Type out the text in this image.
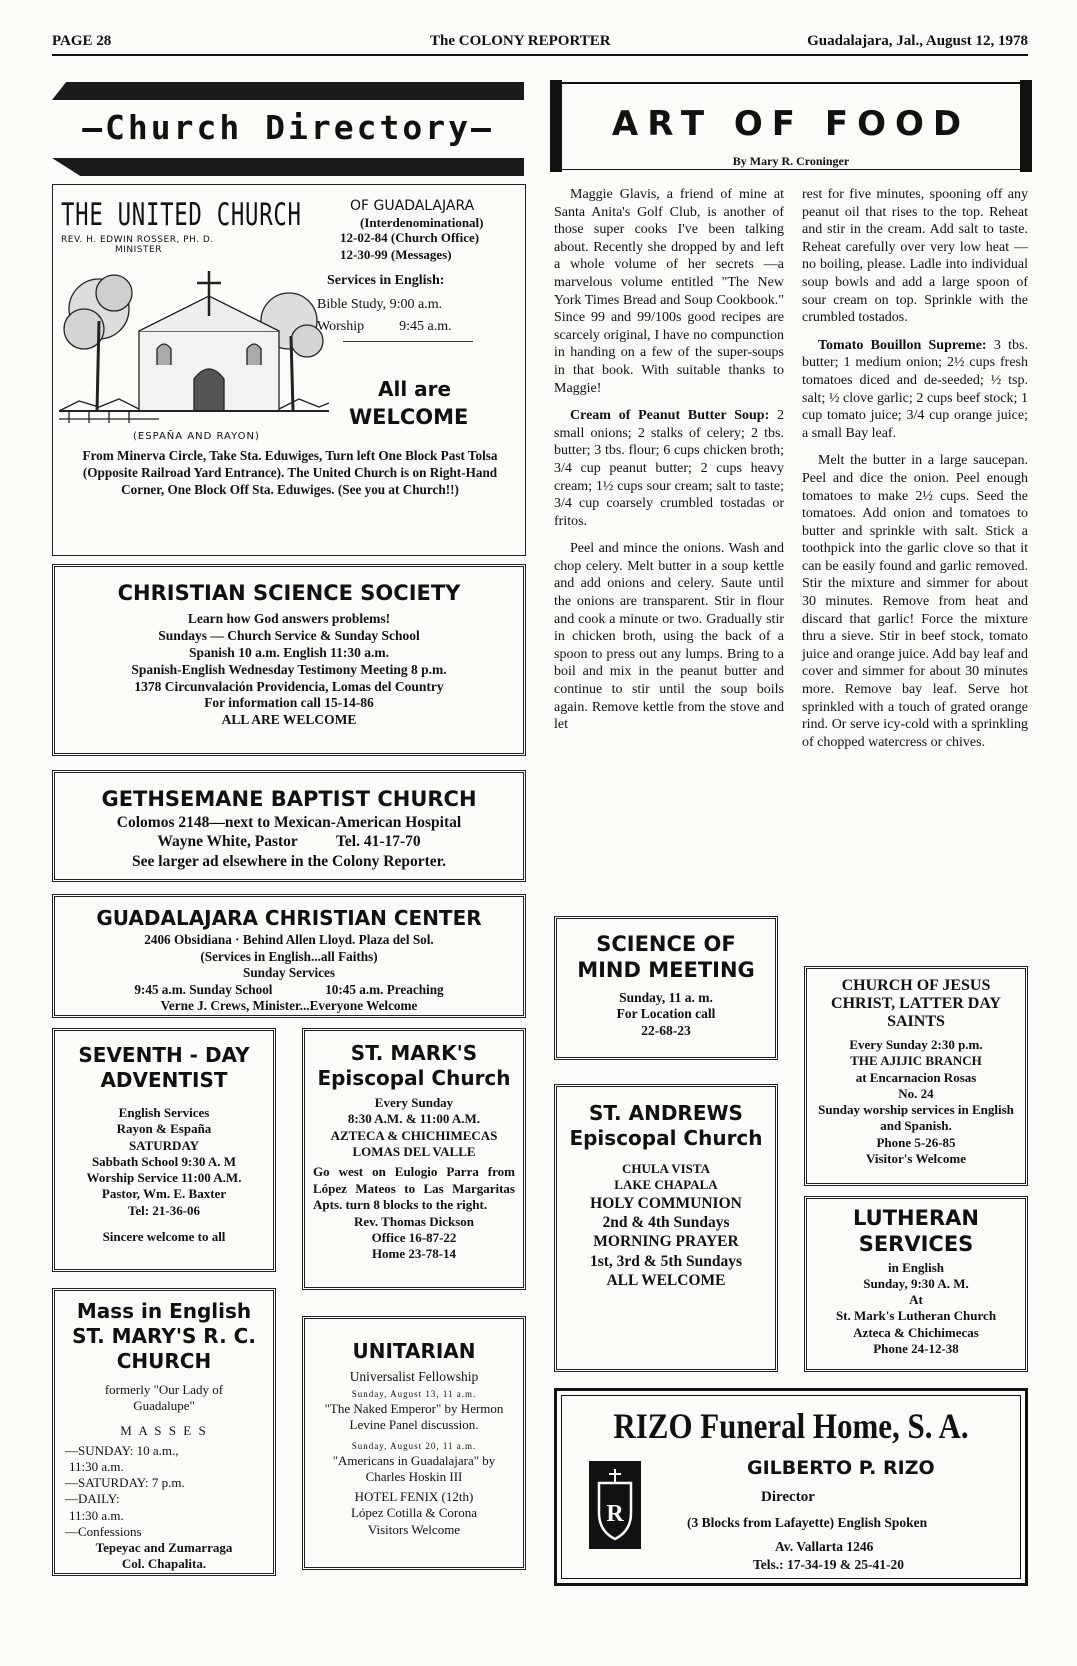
PAGE 28	The COLONY REPORTER	Guadalajara, Jal., August 12, 1978
—Church Directory—
THE UNITED CHURCH	OF GUADALAJARA
(Interdenominational)
REV. H. EDWIN ROSSER, PH. D.
MINISTER
12-02-84 (Church Office)
12-30-99 (Messages)
Services in English:
Bible Study, 9:00 a.m.
Worship          9:45 a.m.
All are
WELCOME
(ESPAÑA AND RAYON)
From Minerva Circle, Take Sta. Eduwiges, Turn left One Block Past Tolsa (Opposite Railroad Yard Entrance). The United Church is on Right-Hand Corner, One Block Off Sta. Eduwiges. (See you at Church!!)
CHRISTIAN SCIENCE SOCIETY
Learn how God answers problems!
Sundays — Church Service & Sunday School
Spanish 10 a.m. English 11:30 a.m.
Spanish-English Wednesday Testimony Meeting 8 p.m.
1378 Circunvalación Providencia, Lomas del Country
For information call 15-14-86
ALL ARE WELCOME
GETHSEMANE BAPTIST CHURCH
Colomos 2148—next to Mexican-American Hospital
Wayne White, Pastor          Tel. 41-17-70
See larger ad elsewhere in the Colony Reporter.
GUADALAJARA CHRISTIAN CENTER
2406 Obsidiana · Behind Allen Lloyd. Plaza del Sol.
(Services in English...all Faiths)
Sunday Services
9:45 a.m. Sunday School                10:45 a.m. Preaching
Verne J. Crews, Minister...Everyone Welcome
SEVENTH - DAY
ADVENTIST
English Services
Rayon & España
SATURDAY
Sabbath School 9:30 A. M
Worship Service 11:00 A.M.
Pastor, Wm. E. Baxter
Tel: 21-36-06
Sincere welcome to all
ST. MARK'S
Episcopal Church
Every Sunday
8:30 A.M. & 11:00 A.M.
AZTECA & CHICHIMECAS
LOMAS DEL VALLE
Go west on Eulogio Parra from López Mateos to Las Margaritas Apts. turn 8 blocks to the right.
Rev. Thomas Dickson
Office 16-87-22
Home 23-78-14
Mass in English
ST. MARY'S R. C.
CHURCH
formerly "Our Lady of
Guadalupe"
M A S S E S
—SUNDAY: 10 a.m.,
11:30 a.m.
—SATURDAY: 7 p.m.
—DAILY:
11:30 a.m.
—Confessions
Tepeyac and Zumarraga
Col. Chapalita.
UNITARIAN
Universalist Fellowship
Sunday, August 13, 11 a.m.
"The Naked Emperor" by Hermon Levine Panel discussion.
Sunday, August 20, 11 a.m.
"Americans in Guadalajara" by Charles Hoskin III
HOTEL FENIX (12th)
López Cotilla & Corona
Visitors Welcome
ART OF FOOD
By Mary R. Croninger

Maggie Glavis, a friend of mine at Santa Anita's Golf Club, is another of those super cooks I've been talking about. Recently she dropped by and left a whole volume of her secrets —a marvelous volume entitled "The New York Times Bread and Soup Cookbook." Since 99 and 99/100s good recipes are scarcely original, I have no compunction in handing on a few of the super-soups in that book. With suitable thanks to Maggie!

Cream of Peanut Butter Soup: 2 small onions; 2 stalks of celery; 2 tbs. butter; 3 tbs. flour; 6 cups chicken broth; 3/4 cup peanut butter; 2 cups heavy cream; 1½ cups sour cream; salt to taste; 3/4 cup coarsely crumbled tostadas or fritos.

Peel and mince the onions. Wash and chop celery. Melt butter in a soup kettle and add onions and celery. Saute until the onions are transparent. Stir in flour and cook a minute or two. Gradually stir in chicken broth, using the back of a spoon to press out any lumps. Bring to a boil and mix in the peanut butter and continue to stir until the soup boils again. Remove kettle from the stove and let

rest for five minutes, spooning off any peanut oil that rises to the top. Reheat and stir in the cream. Add salt to taste. Reheat carefully over very low heat — no boiling, please. Ladle into individual soup bowls and add a large spoon of sour cream on top. Sprinkle with the crumbled tostados.

Tomato Bouillon Supreme: 3 tbs. butter; 1 medium onion; 2½ cups fresh tomatoes diced and de-seeded; ½ tsp. salt; ½ clove garlic; 2 cups beef stock; 1 cup tomato juice; 3/4 cup orange juice; a small Bay leaf.

Melt the butter in a large saucepan. Peel and dice the onion. Peel enough tomatoes to make 2½ cups. Seed the tomatoes. Add onion and tomatoes to butter and sprinkle with salt. Stick a toothpick into the garlic clove so that it can be easily found and garlic removed. Stir the mixture and simmer for about 30 minutes. Remove from heat and discard that garlic! Force the mixture thru a sieve. Stir in beef stock, tomato juice and orange juice. Add bay leaf and cover and simmer for about 30 minutes more. Remove bay leaf. Serve hot sprinkled with a touch of grated orange rind. Or serve icy-cold with a sprinkling of chopped watercress or chives.

SCIENCE OF
MIND MEETING
Sunday, 11 a. m.
For Location call
22-68-23
ST. ANDREWS
Episcopal Church
CHULA VISTA
LAKE CHAPALA
HOLY COMMUNION
2nd & 4th Sundays
MORNING PRAYER
1st, 3rd & 5th Sundays
ALL WELCOME
CHURCH OF JESUS CHRIST, LATTER DAY SAINTS
Every Sunday 2:30 p.m.
THE AJIJIC BRANCH
at Encarnacion Rosas
No. 24
Sunday worship services in English and Spanish.
Phone 5-26-85
Visitor's Welcome
LUTHERAN
SERVICES
in English
Sunday, 9:30 A. M.
At
St. Mark's Lutheran Church
Azteca & Chichimecas
Phone 24-12-38
RIZO Funeral Home, S. A.
R
GILBERTO P. RIZO
Director
(3 Blocks from Lafayette) English Spoken
Av. Vallarta 1246
Tels.: 17-34-19 & 25-41-20
